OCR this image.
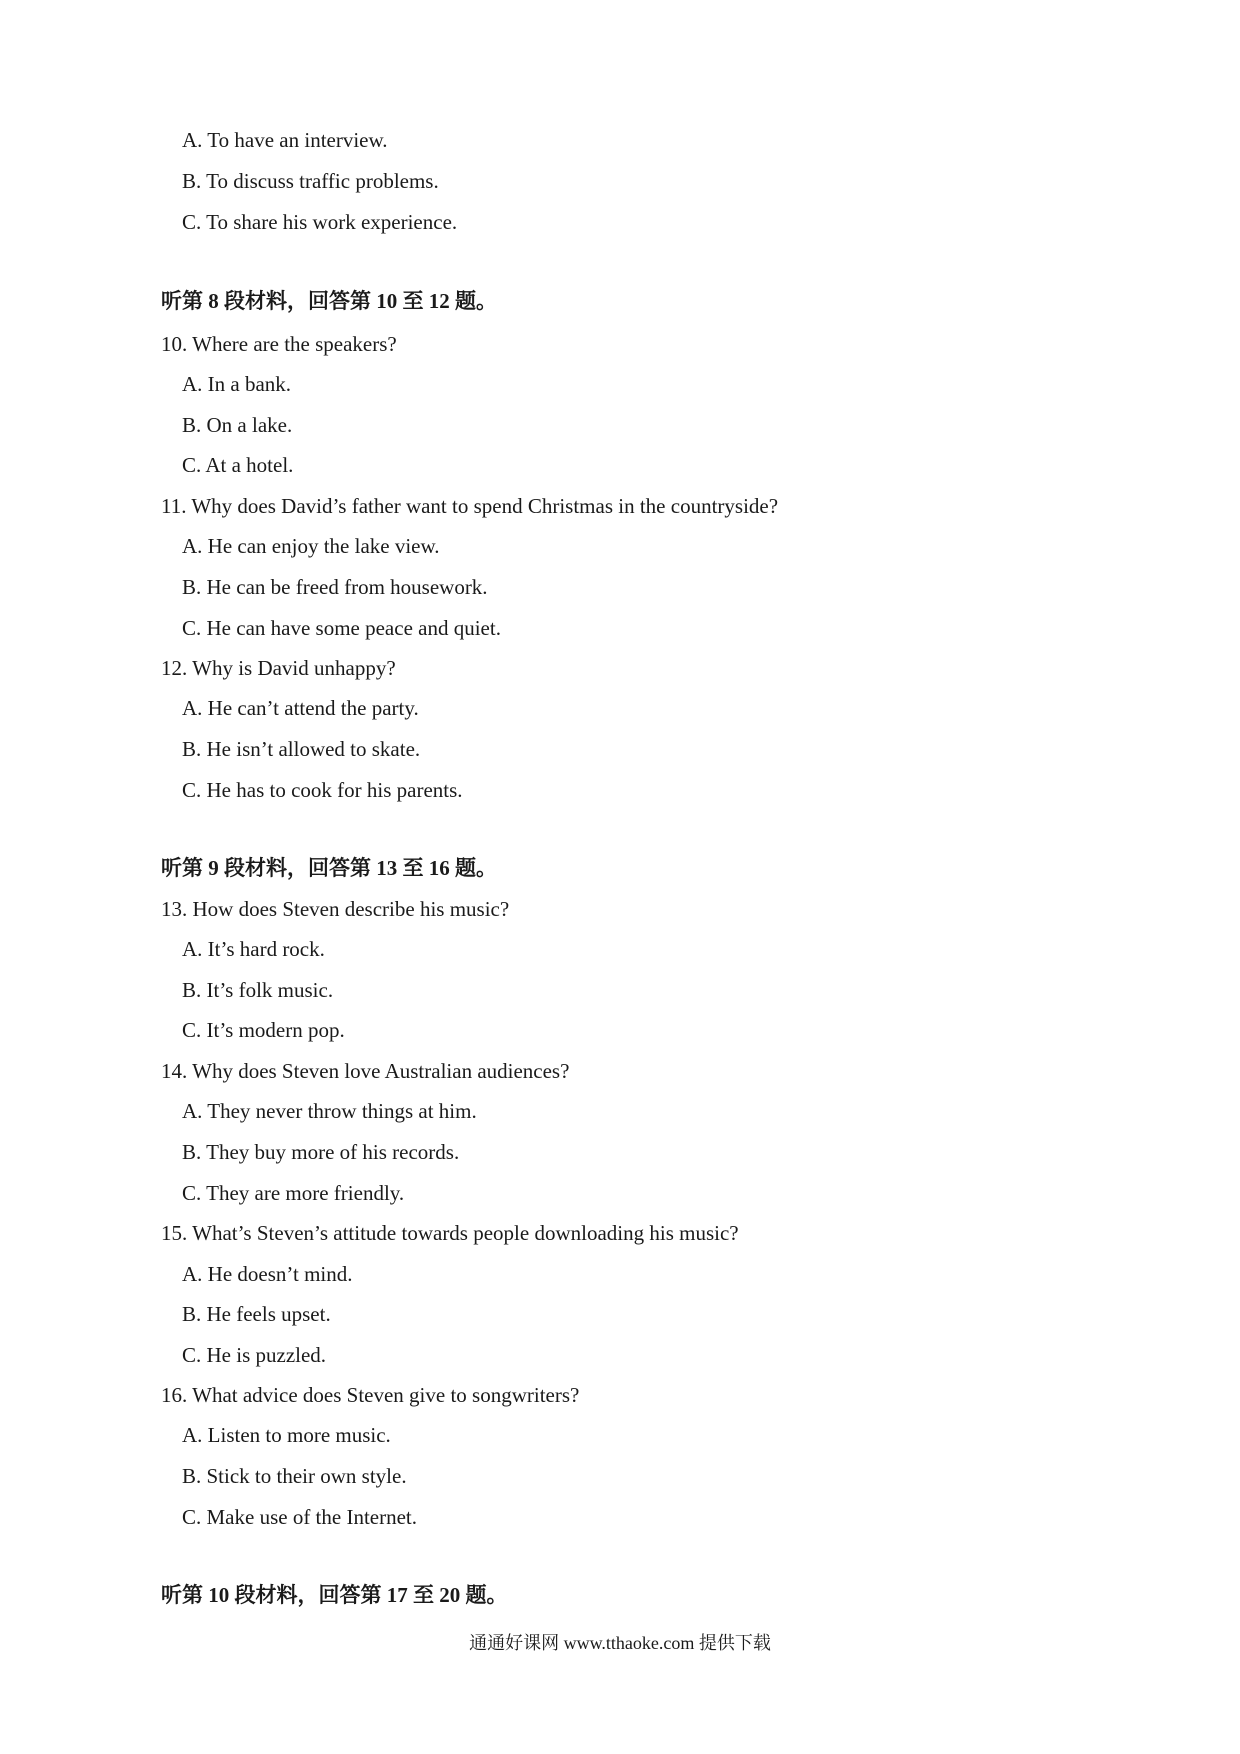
A. To have an interview.
B. To discuss traffic problems.
C. To share his work experience.
听第 8 段材料，回答第 10 至 12 题。
10. Where are the speakers?
A. In a bank.
B. On a lake.
C. At a hotel.
11. Why does David’s father want to spend Christmas in the countryside?
A. He can enjoy the lake view.
B. He can be freed from housework.
C. He can have some peace and quiet.
12. Why is David unhappy?
A. He can’t attend the party.
B. He isn’t allowed to skate.
C. He has to cook for his parents.
听第 9 段材料，回答第 13 至 16 题。
13. How does Steven describe his music?
A. It’s hard rock.
B. It’s folk music.
C. It’s modern pop.
14. Why does Steven love Australian audiences?
A. They never throw things at him.
B. They buy more of his records.
C. They are more friendly.
15. What’s Steven’s attitude towards people downloading his music?
A. He doesn’t mind.
B. He feels upset.
C. He is puzzled.
16. What advice does Steven give to songwriters?
A. Listen to more music.
B. Stick to their own style.
C. Make use of the Internet.
听第 10 段材料，回答第 17 至 20 题。
通通好课网 www.tthaoke.com 提供下载
